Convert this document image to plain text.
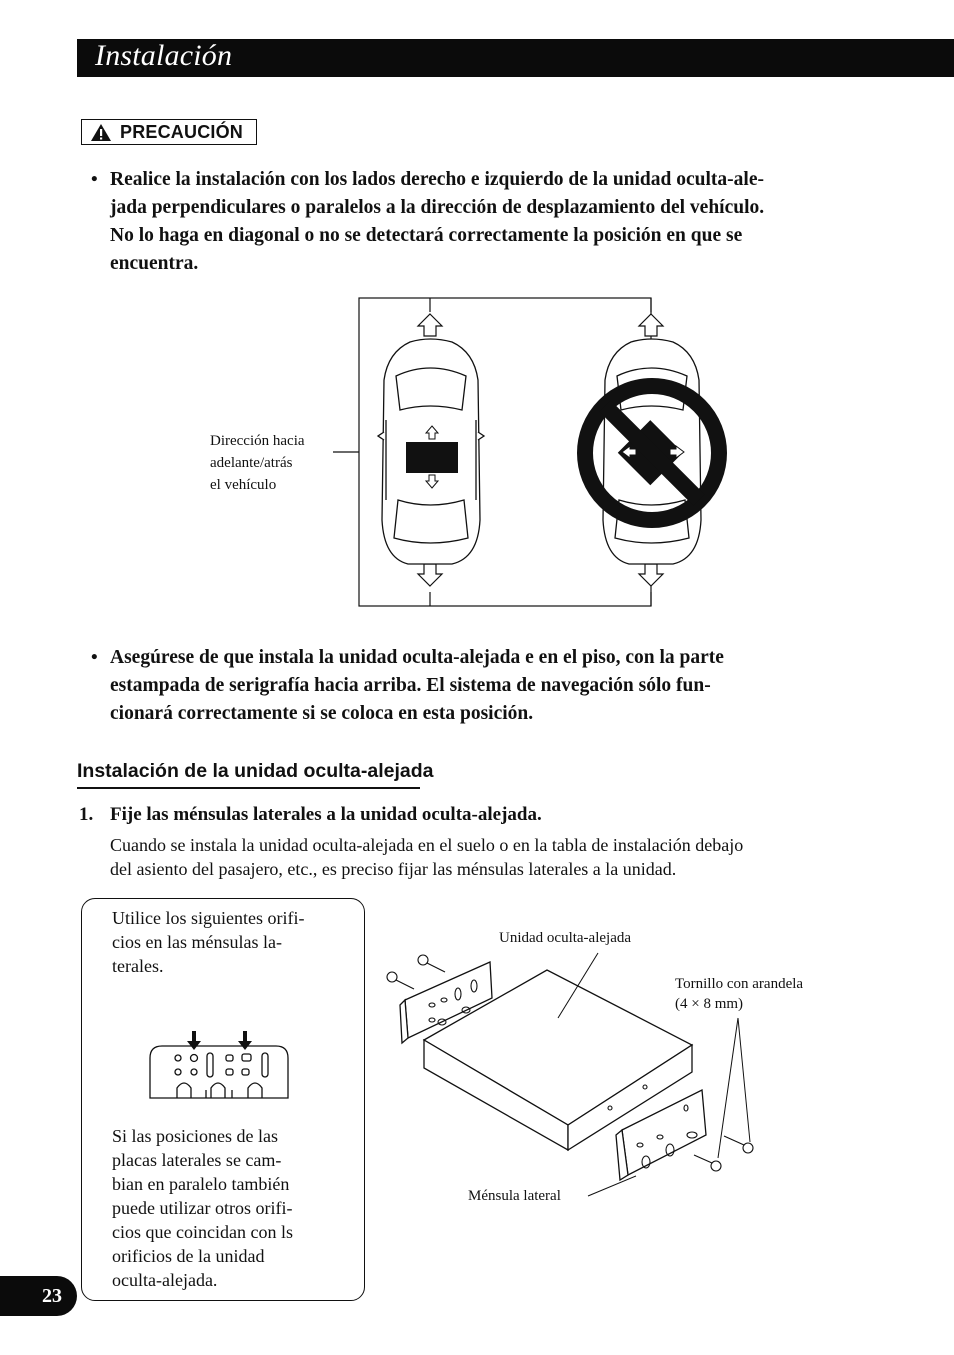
Instalación
PRECAUCIÓN
• Realice la instalación con los lados derecho e izquierdo de la unidad oculta-ale-
jada perpendiculares o paralelos a la dirección de desplazamiento del vehículo.
No lo haga en diagonal o no se detectará correctamente la posición en que se
encuentra.
Dirección hacia
adelante/atrás
el vehículo
• Asegúrese de que instala la unidad oculta-alejada e en el piso, con la parte
estampada de serigrafía hacia arriba. El sistema de navegación sólo fun-
cionará correctamente si se coloca en esta posición.
Instalación de la unidad oculta-alejada
1. Fije las ménsulas laterales a la unidad oculta-alejada.
Cuando se instala la unidad oculta-alejada en el suelo o en la tabla de instalación debajo
del asiento del pasajero, etc., es preciso fijar las ménsulas laterales a la unidad.
Utilice los siguientes orifi-
cios en las ménsulas la-
terales.
Si las posiciones de las
placas laterales se cam-
bian en paralelo también
puede utilizar otros orifi-
cios que coincidan con ls
orificios de la unidad
oculta-alejada.
Unidad oculta-alejada
Tornillo con arandela
(4 × 8 mm)
Ménsula lateral
23
